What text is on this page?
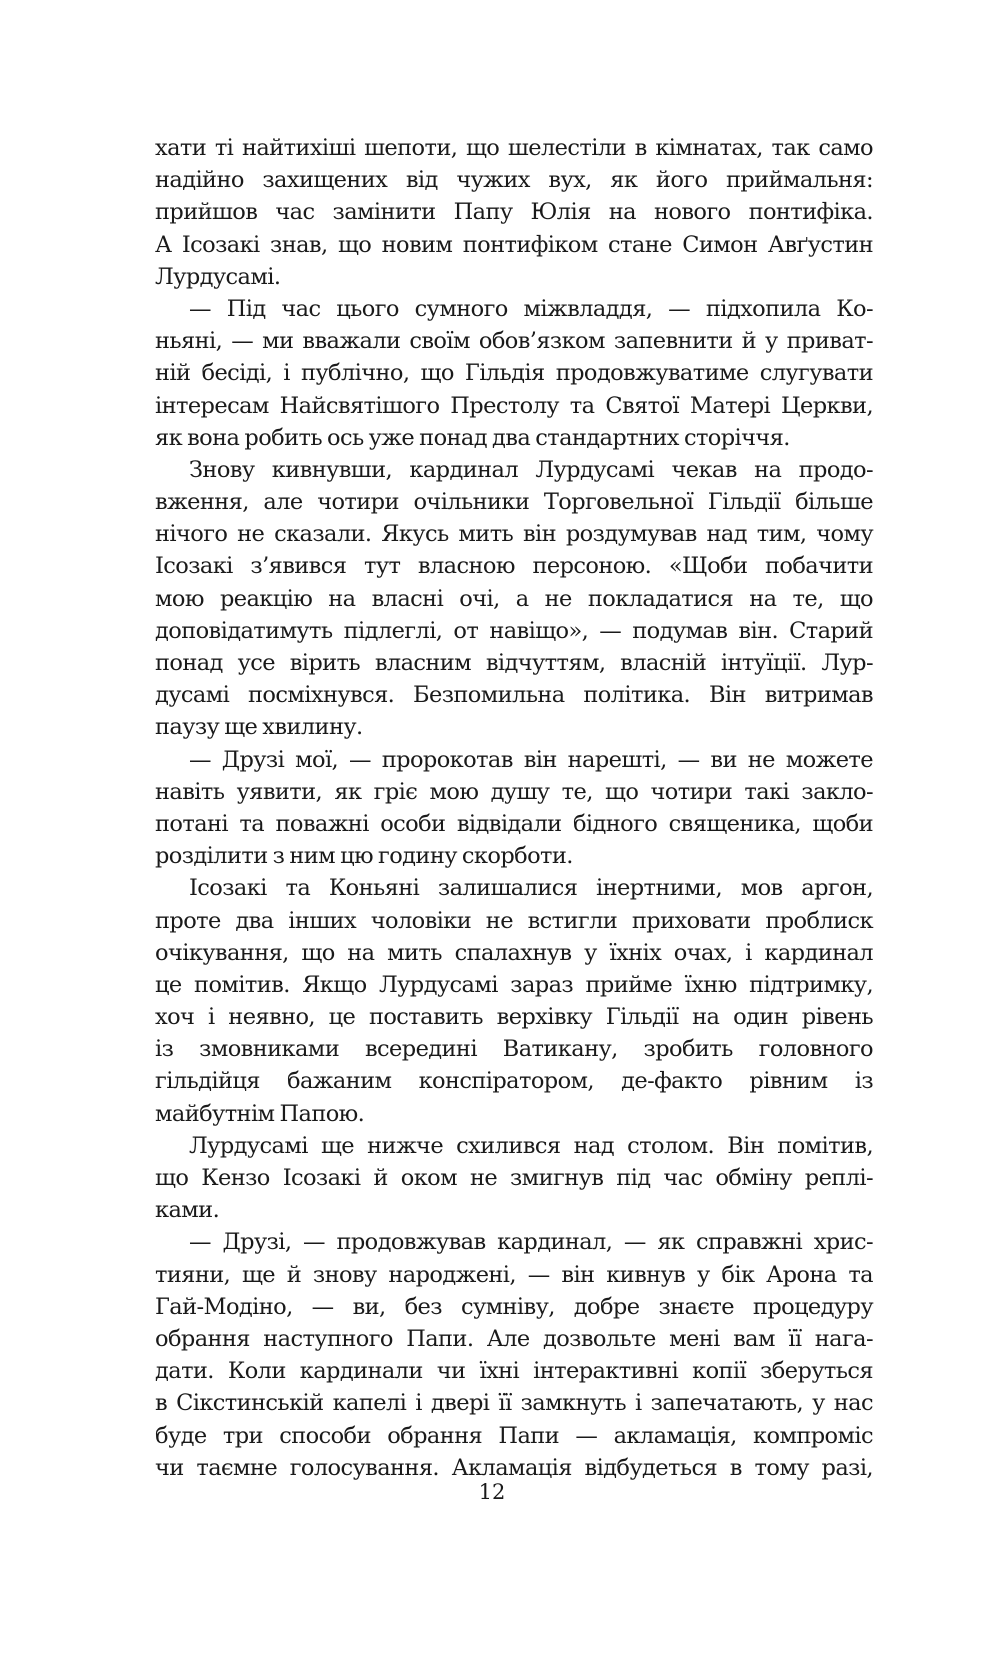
хати ті найтихіші шепоти, що шелестіли в кімнатах, так само
надійно захищених від чужих вух, як його приймальня:
прийшов час замінити Папу Юлія на нового понтифіка.
А Ісозакі знав, що новим понтифіком стане Симон Авґустин
Лурдусамі.
— Під час цього сумного міжвладдя, — підхопила Ко-
ньяні, — ми вважали своїм обов’язком запевнити й у приват-
ній бесіді, і публічно, що Гільдія продовжуватиме слугувати
інтересам Найсвятішого Престолу та Святої Матері Церкви,
як вона робить ось уже понад два стандартних сторіччя.
Знову кивнувши, кардинал Лурдусамі чекав на продо-
вження, але чотири очільники Торговельної Гільдії більше
нічого не сказали. Якусь мить він роздумував над тим, чому
Ісозакі з’явився тут власною персоною. «Щоби побачити
мою реакцію на власні очі, а не покладатися на те, що
доповідатимуть підлеглі, от навіщо», — подумав він. Старий
понад усе вірить власним відчуттям, власній інтуїції. Лур-
дусамі посміхнувся. Безпомильна політика. Він витримав
паузу ще хвилину.
— Друзі мої, — пророкотав він нарешті, — ви не можете
навіть уявити, як гріє мою душу те, що чотири такі закло-
потані та поважні особи відвідали бідного священика, щоби
розділити з ним цю годину скорботи.
Ісозакі та Коньяні залишалися інертними, мов аргон,
проте два інших чоловіки не встигли приховати проблиск
очікування, що на мить спалахнув у їхніх очах, і кардинал
це помітив. Якщо Лурдусамі зараз прийме їхню підтримку,
хоч і неявно, це поставить верхівку Гільдії на один рівень
із змовниками всередині Ватикану, зробить головного
гільдійця бажаним конспіратором, де-факто рівним із
майбутнім Папою.
Лурдусамі ще нижче схилився над столом. Він помітив,
що Кензо Ісозакі й оком не змигнув під час обміну реплі-
ками.
— Друзі, — продовжував кардинал, — як справжні хрис-
тияни, ще й знову народжені, — він кивнув у бік Арона та
Гай-Модіно, — ви, без сумніву, добре знаєте процедуру
обрання наступного Папи. Але дозвольте мені вам її нага-
дати. Коли кардинали чи їхні інтерактивні копії зберуться
в Сікстинській капелі і двері її замкнуть і запечатають, у нас
буде три способи обрання Папи — акламація, компроміс
чи таємне голосування. Акламація відбудеться в тому разі,
12
